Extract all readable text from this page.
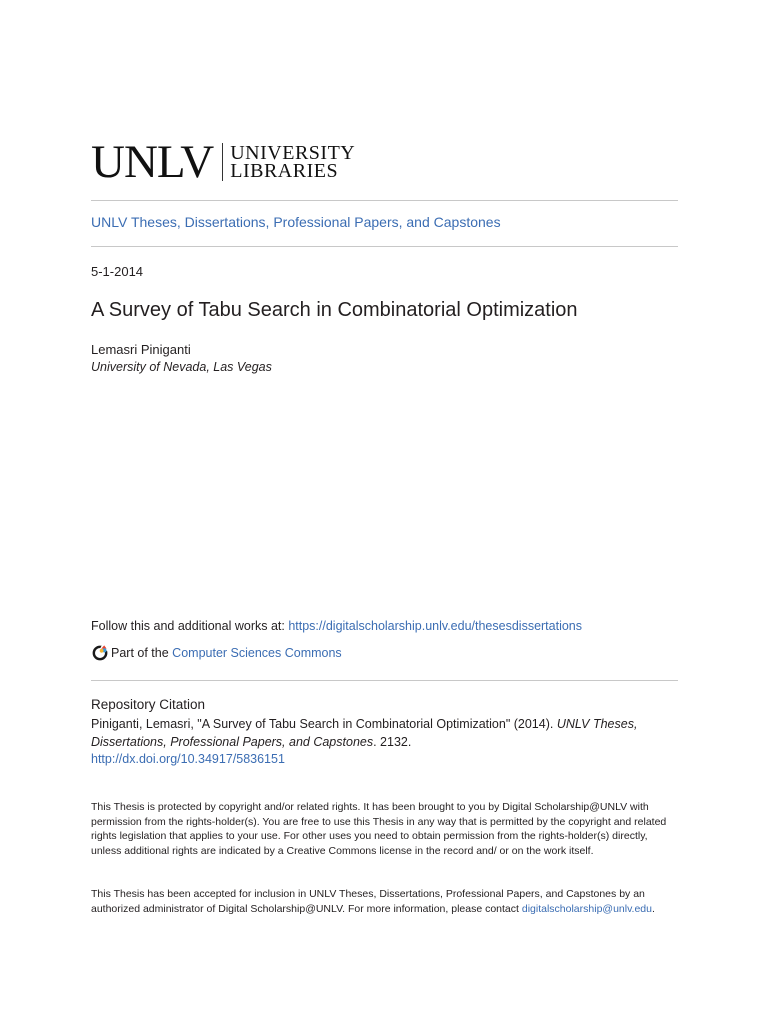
UNLV UNIVERSITY
LIBRARIES
UNLV Theses, Dissertations, Professional Papers, and Capstones
5-1-2014
A Survey of Tabu Search in Combinatorial Optimization
Lemasri Piniganti
University of Nevada, Las Vegas
Follow this and additional works at: https://digitalscholarship.unlv.edu/thesesdissertations
Part of the
Computer Sciences Commons
Repository Citation
Piniganti, Lemasri, "A Survey of Tabu Search in Combinatorial Optimization" (2014). UNLV Theses, Dissertations, Professional Papers, and Capstones. 2132.
http://dx.doi.org/10.34917/5836151
This Thesis is protected by copyright and/or related rights. It has been brought to you by Digital Scholarship@UNLV with permission from the rights-holder(s). You are free to use this Thesis in any way that is permitted by the copyright and related rights legislation that applies to your use. For other uses you need to obtain permission from the rights-holder(s) directly, unless additional rights are indicated by a Creative Commons license in the record and/ or on the work itself.
This Thesis has been accepted for inclusion in UNLV Theses, Dissertations, Professional Papers, and Capstones by an authorized administrator of Digital Scholarship@UNLV. For more information, please contact digitalscholarship@unlv.edu.
